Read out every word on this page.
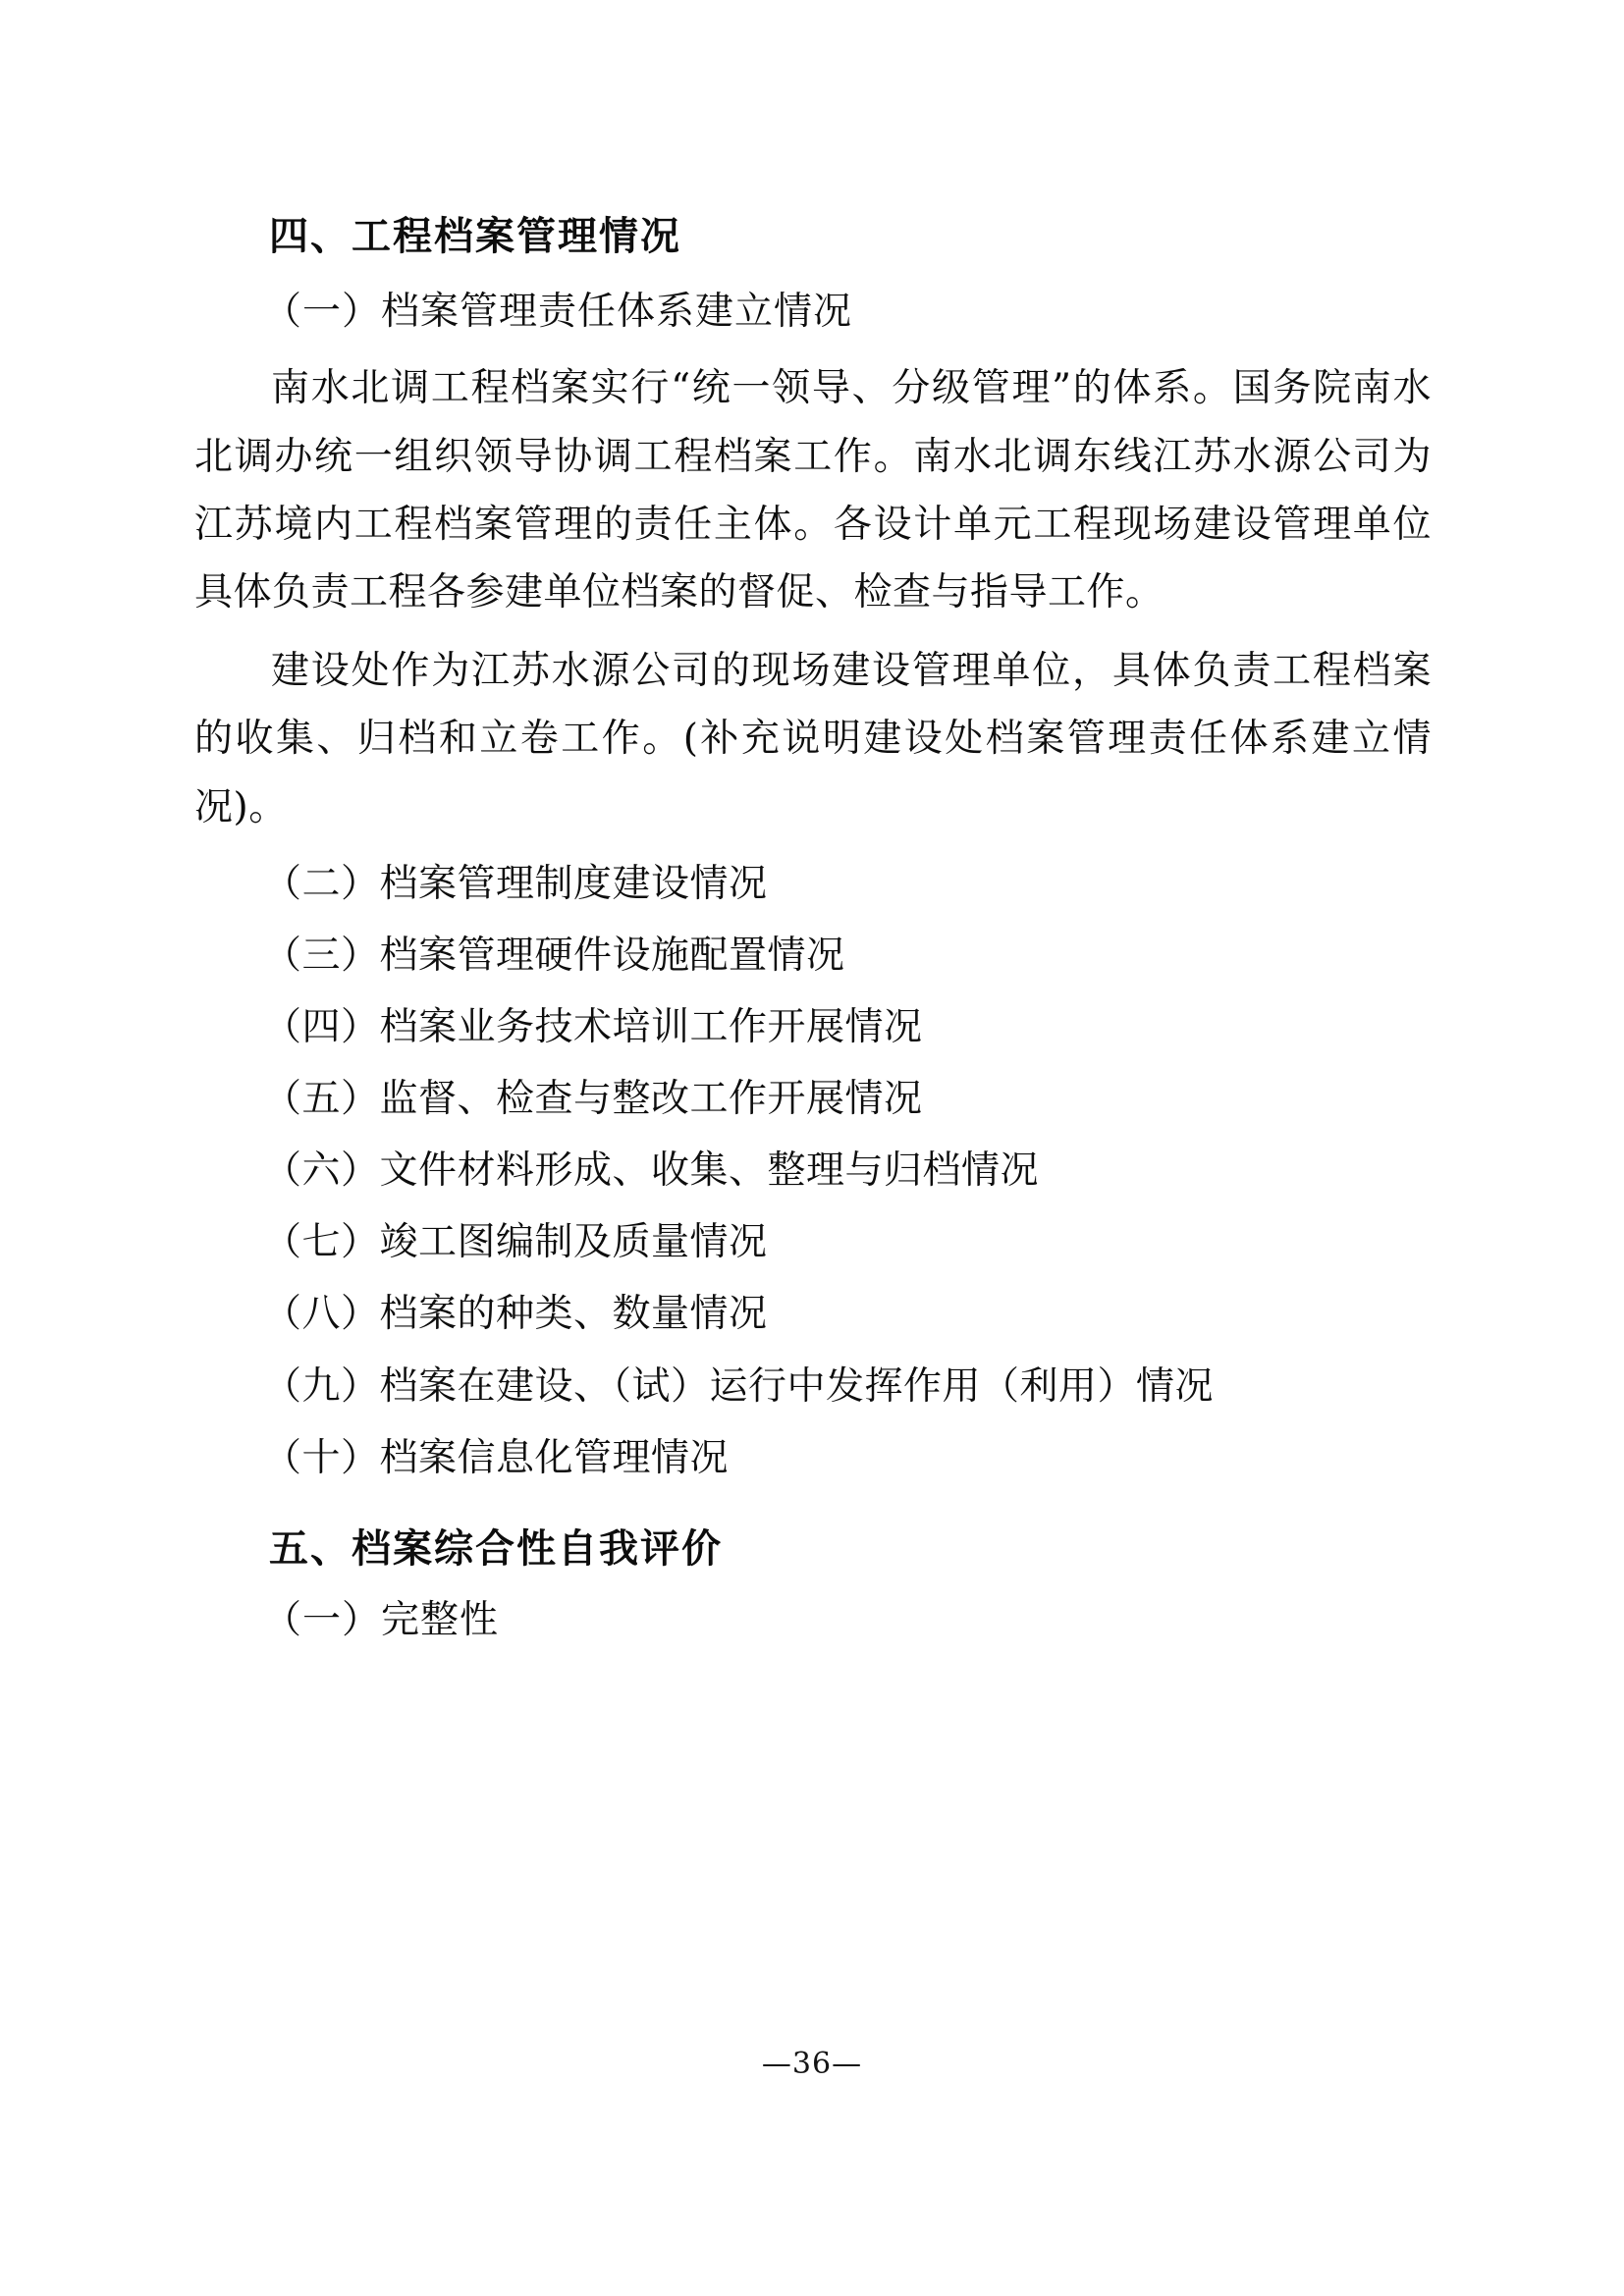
四、工程档案管理情况

（一）档案管理责任体系建立情况

南水北调工程档案实行“统一领导、分级管理”的体系。国务院南水北调办统一组织领导协调工程档案工作。南水北调东线江苏水源公司为江苏境内工程档案管理的责任主体。各设计单元工程现场建设管理单位具体负责工程各参建单位档案的督促、检查与指导工作。

建设处作为江苏水源公司的现场建设管理单位，具体负责工程档案的收集、归档和立卷工作。(补充说明建设处档案管理责任体系建立情况)。

（二）档案管理制度建设情况
（三）档案管理硬件设施配置情况
（四）档案业务技术培训工作开展情况
（五）监督、检查与整改工作开展情况
（六）文件材料形成、收集、整理与归档情况
（七）竣工图编制及质量情况
（八）档案的种类、数量情况
（九）档案在建设、（试）运行中发挥作用（利用）情况
（十）档案信息化管理情况
五、档案综合性自我评价

（一）完整性

—36—
